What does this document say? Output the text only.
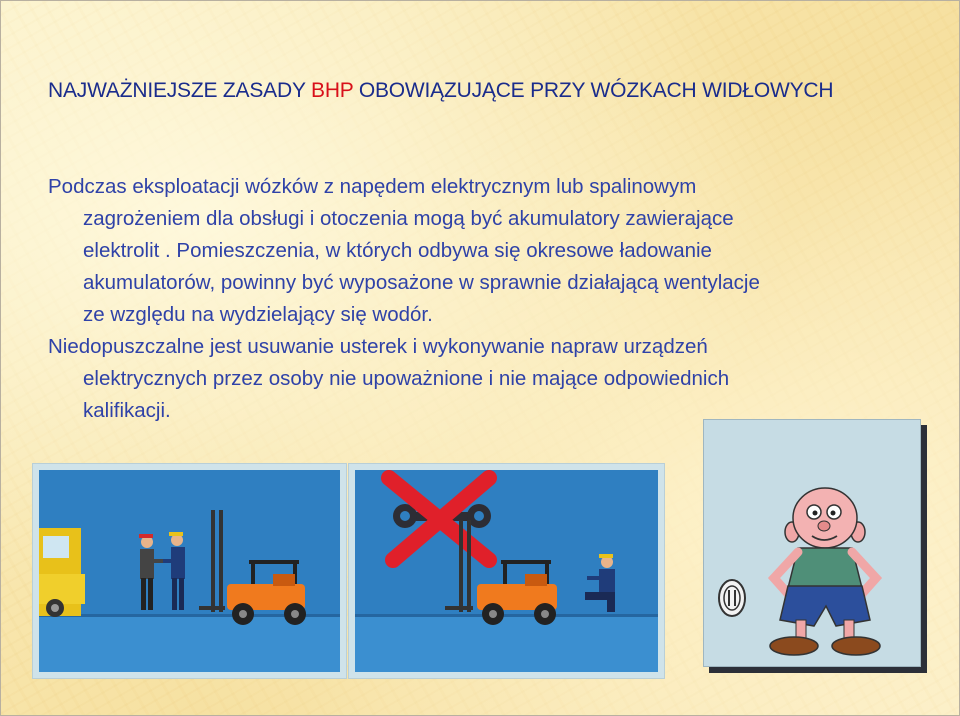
NAJWAŻNIEJSZE ZASADY BHP OBOWIĄZUJĄCE PRZY WÓZKACH WIDŁOWYCH

Podczas eksploatacji wózków z napędem elektrycznym lub spalinowym
zagrożeniem dla obsługi i otoczenia mogą być akumulatory zawierające
elektrolit . Pomieszczenia, w których odbywa się okresowe ładowanie
akumulatorów, powinny być wyposażone w sprawnie działającą wentylacje
ze względu na wydzielający się wodór.

Niedopuszczalne jest usuwanie usterek i wykonywanie napraw urządzeń
elektrycznych przez osoby nie upoważnione i nie mające odpowiednich
kalifikacji.
